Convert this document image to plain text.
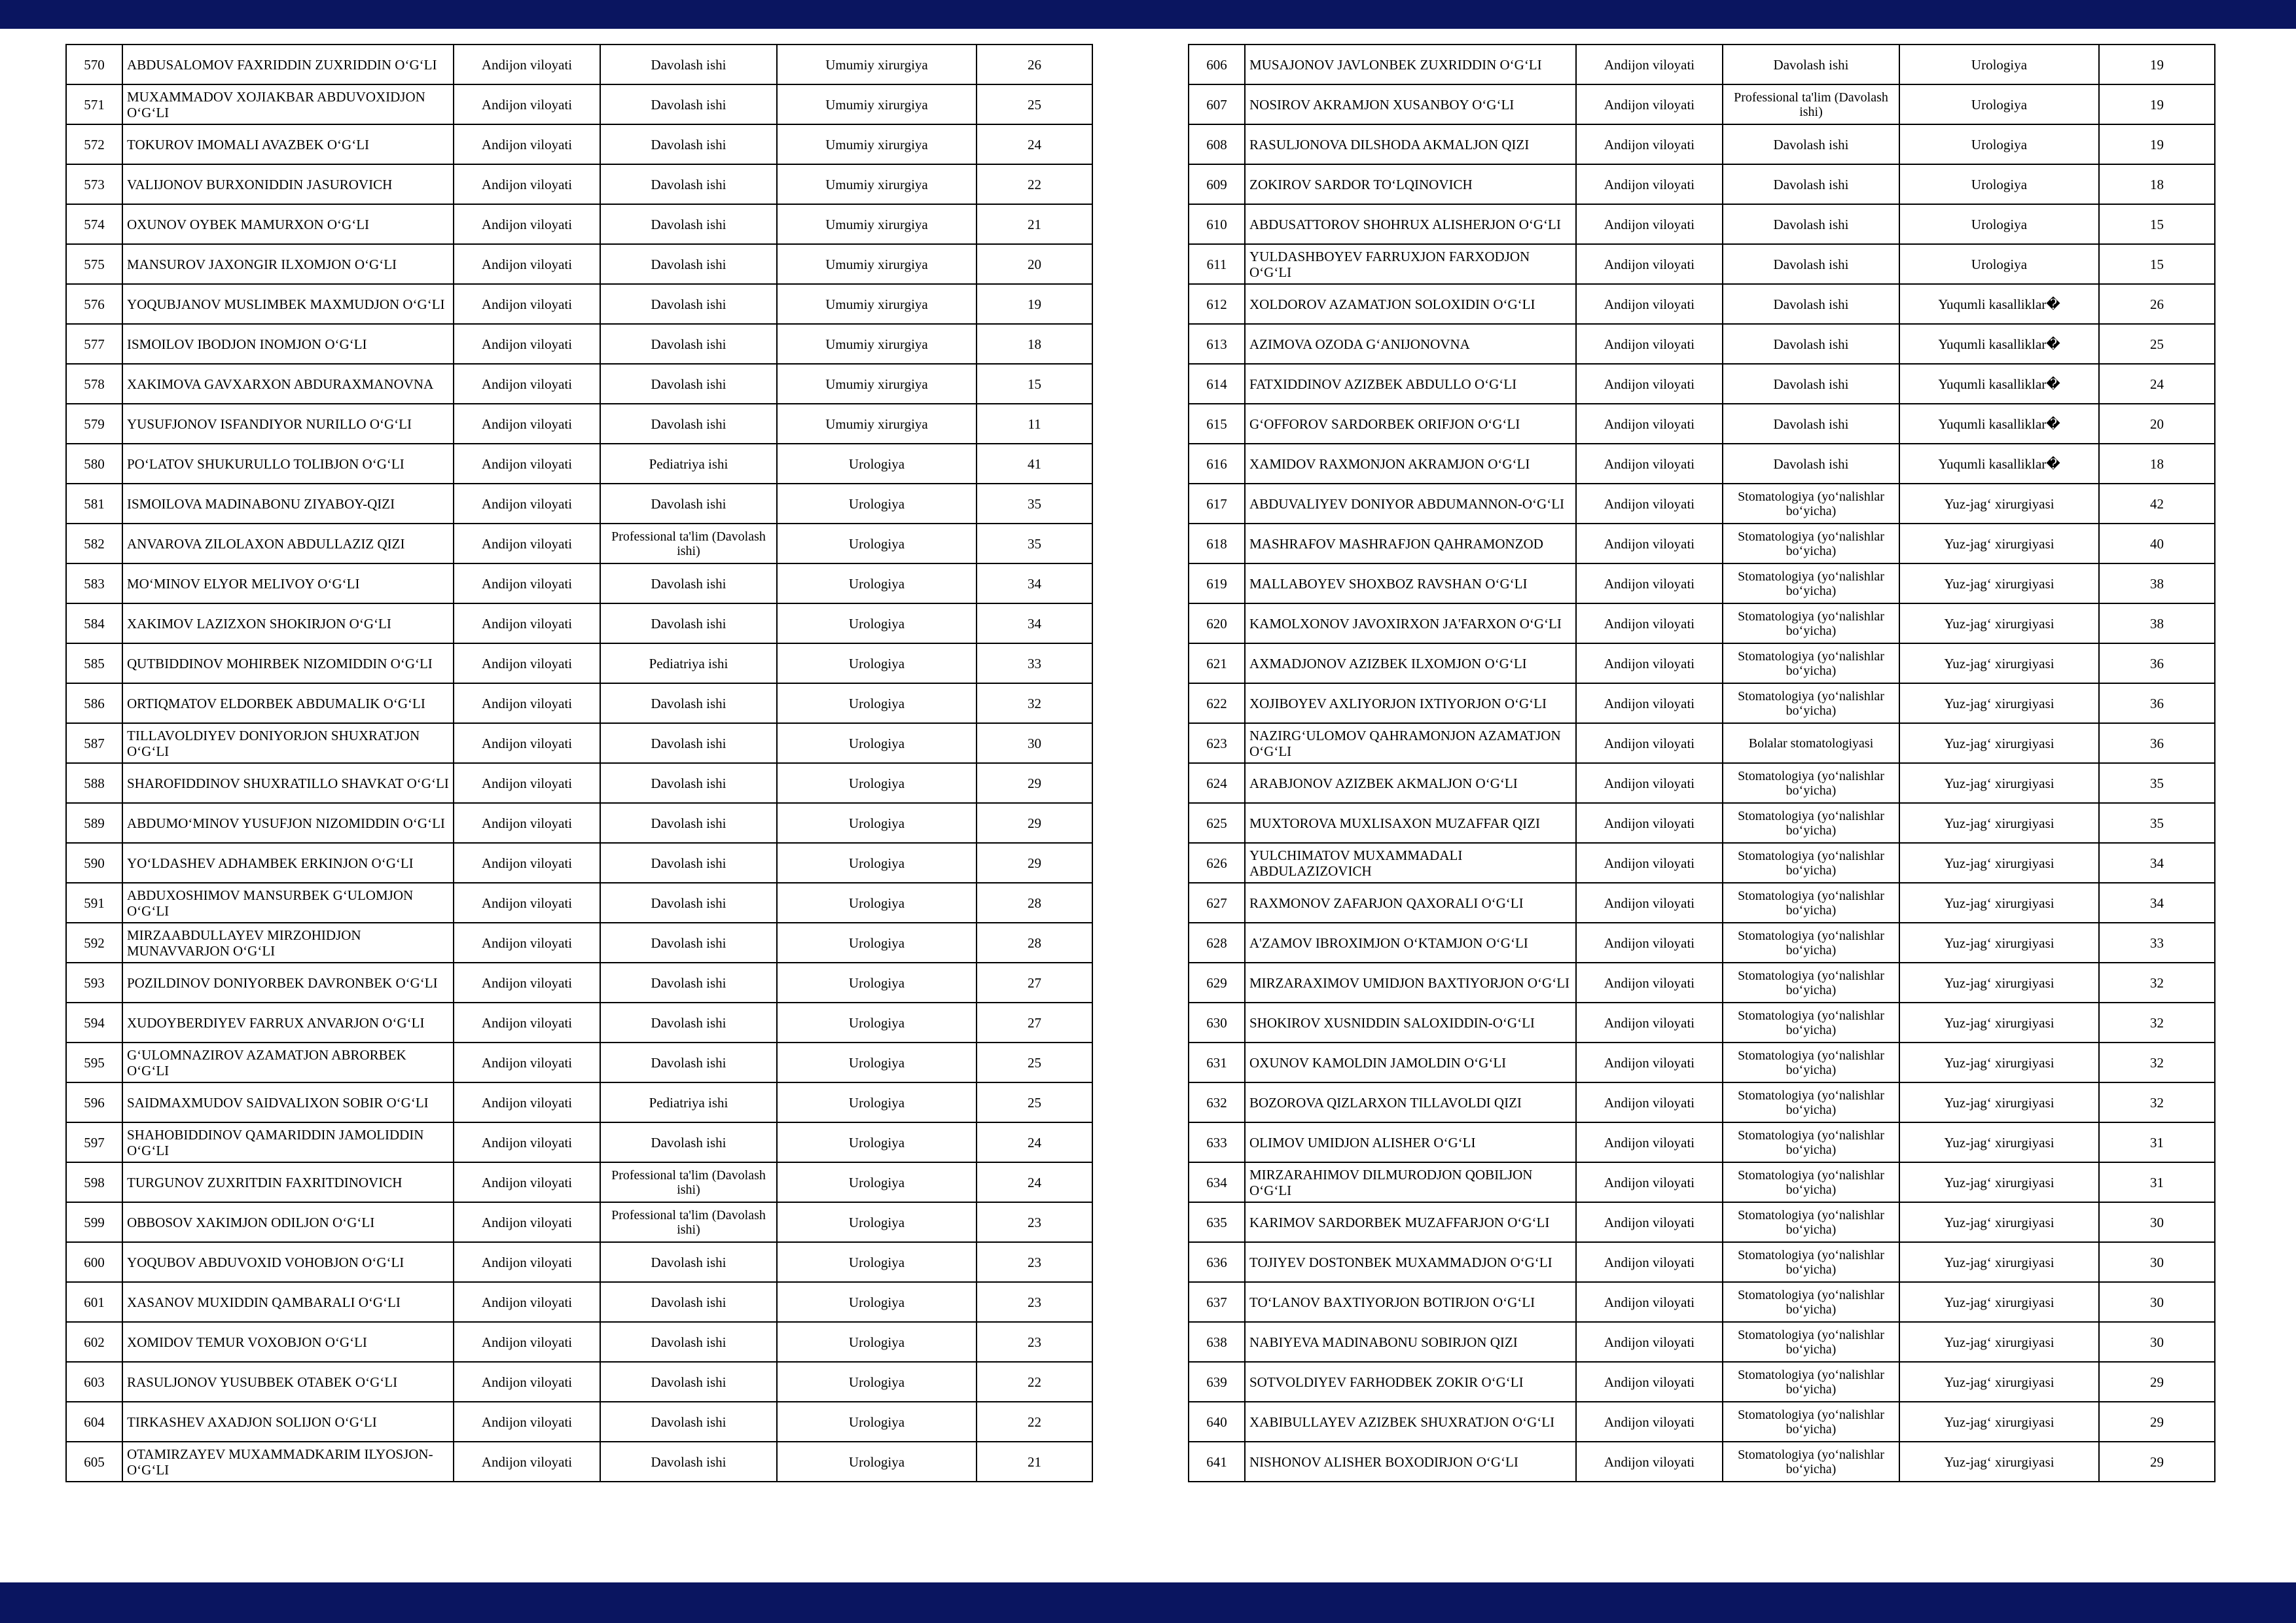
570	ABDUSALOMOV FAXRIDDIN ZUXRIDDIN O‘G‘LI	Andijon viloyati	Davolash ishi	Umumiy xirurgiya	26
571	MUXAMMADOV XOJIAKBAR ABDUVOXIDJON O‘G‘LI	Andijon viloyati	Davolash ishi	Umumiy xirurgiya	25
572	TOKUROV IMOMALI AVAZBEK O‘G‘LI	Andijon viloyati	Davolash ishi	Umumiy xirurgiya	24
573	VALIJONOV BURXONIDDIN JASUROVICH	Andijon viloyati	Davolash ishi	Umumiy xirurgiya	22
574	OXUNOV OYBEK MAMURXON O‘G‘LI	Andijon viloyati	Davolash ishi	Umumiy xirurgiya	21
575	MANSUROV JAXONGIR ILXOMJON O‘G‘LI	Andijon viloyati	Davolash ishi	Umumiy xirurgiya	20
576	YOQUBJANOV MUSLIMBEK MAXMUDJON O‘G‘LI	Andijon viloyati	Davolash ishi	Umumiy xirurgiya	19
577	ISMOILOV IBODJON INOMJON O‘G‘LI	Andijon viloyati	Davolash ishi	Umumiy xirurgiya	18
578	XAKIMOVA GAVXARXON ABDURAXMANOVNA	Andijon viloyati	Davolash ishi	Umumiy xirurgiya	15
579	YUSUFJONOV ISFANDIYOR NURILLO O‘G‘LI	Andijon viloyati	Davolash ishi	Umumiy xirurgiya	11
580	PO‘LATOV SHUKURULLO TOLIBJON O‘G‘LI	Andijon viloyati	Pediatriya ishi	Urologiya	41
581	ISMOILOVA MADINABONU ZIYABOY-QIZI	Andijon viloyati	Davolash ishi	Urologiya	35
582	ANVAROVA ZILOLAXON ABDULLAZIZ QIZI	Andijon viloyati	Professional ta'lim (Davolash ishi)	Urologiya	35
583	MO‘MINOV ELYOR MELIVOY O‘G‘LI	Andijon viloyati	Davolash ishi	Urologiya	34
584	XAKIMOV LAZIZXON SHOKIRJON O‘G‘LI	Andijon viloyati	Davolash ishi	Urologiya	34
585	QUTBIDDINOV MOHIRBEK NIZOMIDDIN O‘G‘LI	Andijon viloyati	Pediatriya ishi	Urologiya	33
586	ORTIQMATOV ELDORBEK ABDUMALIK O‘G‘LI	Andijon viloyati	Davolash ishi	Urologiya	32
587	TILLAVOLDIYEV DONIYORJON SHUXRATJON O‘G‘LI	Andijon viloyati	Davolash ishi	Urologiya	30
588	SHAROFIDDINOV SHUXRATILLO SHAVKAT O‘G‘LI	Andijon viloyati	Davolash ishi	Urologiya	29
589	ABDUMO‘MINOV YUSUFJON NIZOMIDDIN O‘G‘LI	Andijon viloyati	Davolash ishi	Urologiya	29
590	YO‘LDASHEV ADHAMBEK ERKINJON O‘G‘LI	Andijon viloyati	Davolash ishi	Urologiya	29
591	ABDUXOSHIMOV MANSURBEK G‘ULOMJON O‘G‘LI	Andijon viloyati	Davolash ishi	Urologiya	28
592	MIRZAABDULLAYEV MIRZOHIDJON MUNAVVARJON O‘G‘LI	Andijon viloyati	Davolash ishi	Urologiya	28
593	POZILDINOV DONIYORBEK DAVRONBEK O‘G‘LI	Andijon viloyati	Davolash ishi	Urologiya	27
594	XUDOYBERDIYEV FARRUX ANVARJON O‘G‘LI	Andijon viloyati	Davolash ishi	Urologiya	27
595	G‘ULOMNAZIROV AZAMATJON ABRORBEK O‘G‘LI	Andijon viloyati	Davolash ishi	Urologiya	25
596	SAIDMAXMUDOV SAIDVALIXON SOBIR O‘G‘LI	Andijon viloyati	Pediatriya ishi	Urologiya	25
597	SHAHOBIDDINOV QAMARIDDIN JAMOLIDDIN O‘G‘LI	Andijon viloyati	Davolash ishi	Urologiya	24
598	TURGUNOV ZUXRITDIN FAXRITDINOVICH	Andijon viloyati	Professional ta'lim (Davolash ishi)	Urologiya	24
599	OBBOSOV XAKIMJON ODILJON O‘G‘LI	Andijon viloyati	Professional ta'lim (Davolash ishi)	Urologiya	23
600	YOQUBOV ABDUVOXID VOHOBJON O‘G‘LI	Andijon viloyati	Davolash ishi	Urologiya	23
601	XASANOV MUXIDDIN QAMBARALI O‘G‘LI	Andijon viloyati	Davolash ishi	Urologiya	23
602	XOMIDOV TEMUR VOXOBJON O‘G‘LI	Andijon viloyati	Davolash ishi	Urologiya	23
603	RASULJONOV YUSUBBEK OTABEK O‘G‘LI	Andijon viloyati	Davolash ishi	Urologiya	22
604	TIRKASHEV AXADJON SOLIJON O‘G‘LI	Andijon viloyati	Davolash ishi	Urologiya	22
605	OTAMIRZAYEV MUXAMMADKARIM ILYOSJON-O‘G‘LI	Andijon viloyati	Davolash ishi	Urologiya	21
606	MUSAJONOV JAVLONBEK ZUXRIDDIN O‘G‘LI	Andijon viloyati	Davolash ishi	Urologiya	19
607	NOSIROV AKRAMJON XUSANBOY O‘G‘LI	Andijon viloyati	Professional ta'lim (Davolash ishi)	Urologiya	19
608	RASULJONOVA DILSHODA AKMALJON QIZI	Andijon viloyati	Davolash ishi	Urologiya	19
609	ZOKIROV SARDOR TO‘LQINOVICH	Andijon viloyati	Davolash ishi	Urologiya	18
610	ABDUSATTOROV SHOHRUX ALISHERJON O‘G‘LI	Andijon viloyati	Davolash ishi	Urologiya	15
611	YULDASHBOYEV FARRUXJON FARXODJON O‘G‘LI	Andijon viloyati	Davolash ishi	Urologiya	15
612	XOLDOROV AZAMATJON SOLOXIDIN O‘G‘LI	Andijon viloyati	Davolash ishi	Yuqumli kasalliklar�	26
613	AZIMOVA OZODA G‘ANIJONOVNA	Andijon viloyati	Davolash ishi	Yuqumli kasalliklar�	25
614	FATXIDDINOV AZIZBEK ABDULLO O‘G‘LI	Andijon viloyati	Davolash ishi	Yuqumli kasalliklar�	24
615	G‘OFFOROV SARDORBEK ORIFJON O‘G‘LI	Andijon viloyati	Davolash ishi	Yuqumli kasalliklar�	20
616	XAMIDOV RAXMONJON AKRAMJON O‘G‘LI	Andijon viloyati	Davolash ishi	Yuqumli kasalliklar�	18
617	ABDUVALIYEV DONIYOR ABDUMANNON-O‘G‘LI	Andijon viloyati	Stomatologiya (yo‘nalishlar bo‘yicha)	Yuz-jag‘ xirurgiyasi	42
618	MASHRAFOV MASHRAFJON QAHRAMONZOD	Andijon viloyati	Stomatologiya (yo‘nalishlar bo‘yicha)	Yuz-jag‘ xirurgiyasi	40
619	MALLABOYEV SHOXBOZ RAVSHAN O‘G‘LI	Andijon viloyati	Stomatologiya (yo‘nalishlar bo‘yicha)	Yuz-jag‘ xirurgiyasi	38
620	KAMOLXONOV JAVOXIRXON JA'FARXON O‘G‘LI	Andijon viloyati	Stomatologiya (yo‘nalishlar bo‘yicha)	Yuz-jag‘ xirurgiyasi	38
621	AXMADJONOV AZIZBEK ILXOMJON O‘G‘LI	Andijon viloyati	Stomatologiya (yo‘nalishlar bo‘yicha)	Yuz-jag‘ xirurgiyasi	36
622	XOJIBOYEV AXLIYORJON IXTIYORJON O‘G‘LI	Andijon viloyati	Stomatologiya (yo‘nalishlar bo‘yicha)	Yuz-jag‘ xirurgiyasi	36
623	NAZIRG‘ULOMOV QAHRAMONJON AZAMATJON O‘G‘LI	Andijon viloyati	Bolalar stomatologiyasi	Yuz-jag‘ xirurgiyasi	36
624	ARABJONOV AZIZBEK AKMALJON O‘G‘LI	Andijon viloyati	Stomatologiya (yo‘nalishlar bo‘yicha)	Yuz-jag‘ xirurgiyasi	35
625	MUXTOROVA MUXLISAXON MUZAFFAR QIZI	Andijon viloyati	Stomatologiya (yo‘nalishlar bo‘yicha)	Yuz-jag‘ xirurgiyasi	35
626	YULCHIMATOV MUXAMMADALI ABDULAZIZOVICH	Andijon viloyati	Stomatologiya (yo‘nalishlar bo‘yicha)	Yuz-jag‘ xirurgiyasi	34
627	RAXMONOV ZAFARJON QAXORALI O‘G‘LI	Andijon viloyati	Stomatologiya (yo‘nalishlar bo‘yicha)	Yuz-jag‘ xirurgiyasi	34
628	A'ZAMOV IBROXIMJON O‘KTAMJON O‘G‘LI	Andijon viloyati	Stomatologiya (yo‘nalishlar bo‘yicha)	Yuz-jag‘ xirurgiyasi	33
629	MIRZARAXIMOV UMIDJON BAXTIYORJON O‘G‘LI	Andijon viloyati	Stomatologiya (yo‘nalishlar bo‘yicha)	Yuz-jag‘ xirurgiyasi	32
630	SHOKIROV XUSNIDDIN SALOXIDDIN-O‘G‘LI	Andijon viloyati	Stomatologiya (yo‘nalishlar bo‘yicha)	Yuz-jag‘ xirurgiyasi	32
631	OXUNOV KAMOLDIN JAMOLDIN O‘G‘LI	Andijon viloyati	Stomatologiya (yo‘nalishlar bo‘yicha)	Yuz-jag‘ xirurgiyasi	32
632	BOZOROVA QIZLARXON TILLAVOLDI QIZI	Andijon viloyati	Stomatologiya (yo‘nalishlar bo‘yicha)	Yuz-jag‘ xirurgiyasi	32
633	OLIMOV UMIDJON ALISHER O‘G‘LI	Andijon viloyati	Stomatologiya (yo‘nalishlar bo‘yicha)	Yuz-jag‘ xirurgiyasi	31
634	MIRZARAHIMOV DILMURODJON QOBILJON O‘G‘LI	Andijon viloyati	Stomatologiya (yo‘nalishlar bo‘yicha)	Yuz-jag‘ xirurgiyasi	31
635	KARIMOV SARDORBEK MUZAFFARJON O‘G‘LI	Andijon viloyati	Stomatologiya (yo‘nalishlar bo‘yicha)	Yuz-jag‘ xirurgiyasi	30
636	TOJIYEV DOSTONBEK MUXAMMADJON O‘G‘LI	Andijon viloyati	Stomatologiya (yo‘nalishlar bo‘yicha)	Yuz-jag‘ xirurgiyasi	30
637	TO‘LANOV BAXTIYORJON BOTIRJON O‘G‘LI	Andijon viloyati	Stomatologiya (yo‘nalishlar bo‘yicha)	Yuz-jag‘ xirurgiyasi	30
638	NABIYEVA MADINABONU SOBIRJON QIZI	Andijon viloyati	Stomatologiya (yo‘nalishlar bo‘yicha)	Yuz-jag‘ xirurgiyasi	30
639	SOTVOLDIYEV FARHODBEK ZOKIR O‘G‘LI	Andijon viloyati	Stomatologiya (yo‘nalishlar bo‘yicha)	Yuz-jag‘ xirurgiyasi	29
640	XABIBULLAYEV AZIZBEK SHUXRATJON O‘G‘LI	Andijon viloyati	Stomatologiya (yo‘nalishlar bo‘yicha)	Yuz-jag‘ xirurgiyasi	29
641	NISHONOV ALISHER BOXODIRJON O‘G‘LI	Andijon viloyati	Stomatologiya (yo‘nalishlar bo‘yicha)	Yuz-jag‘ xirurgiyasi	29
